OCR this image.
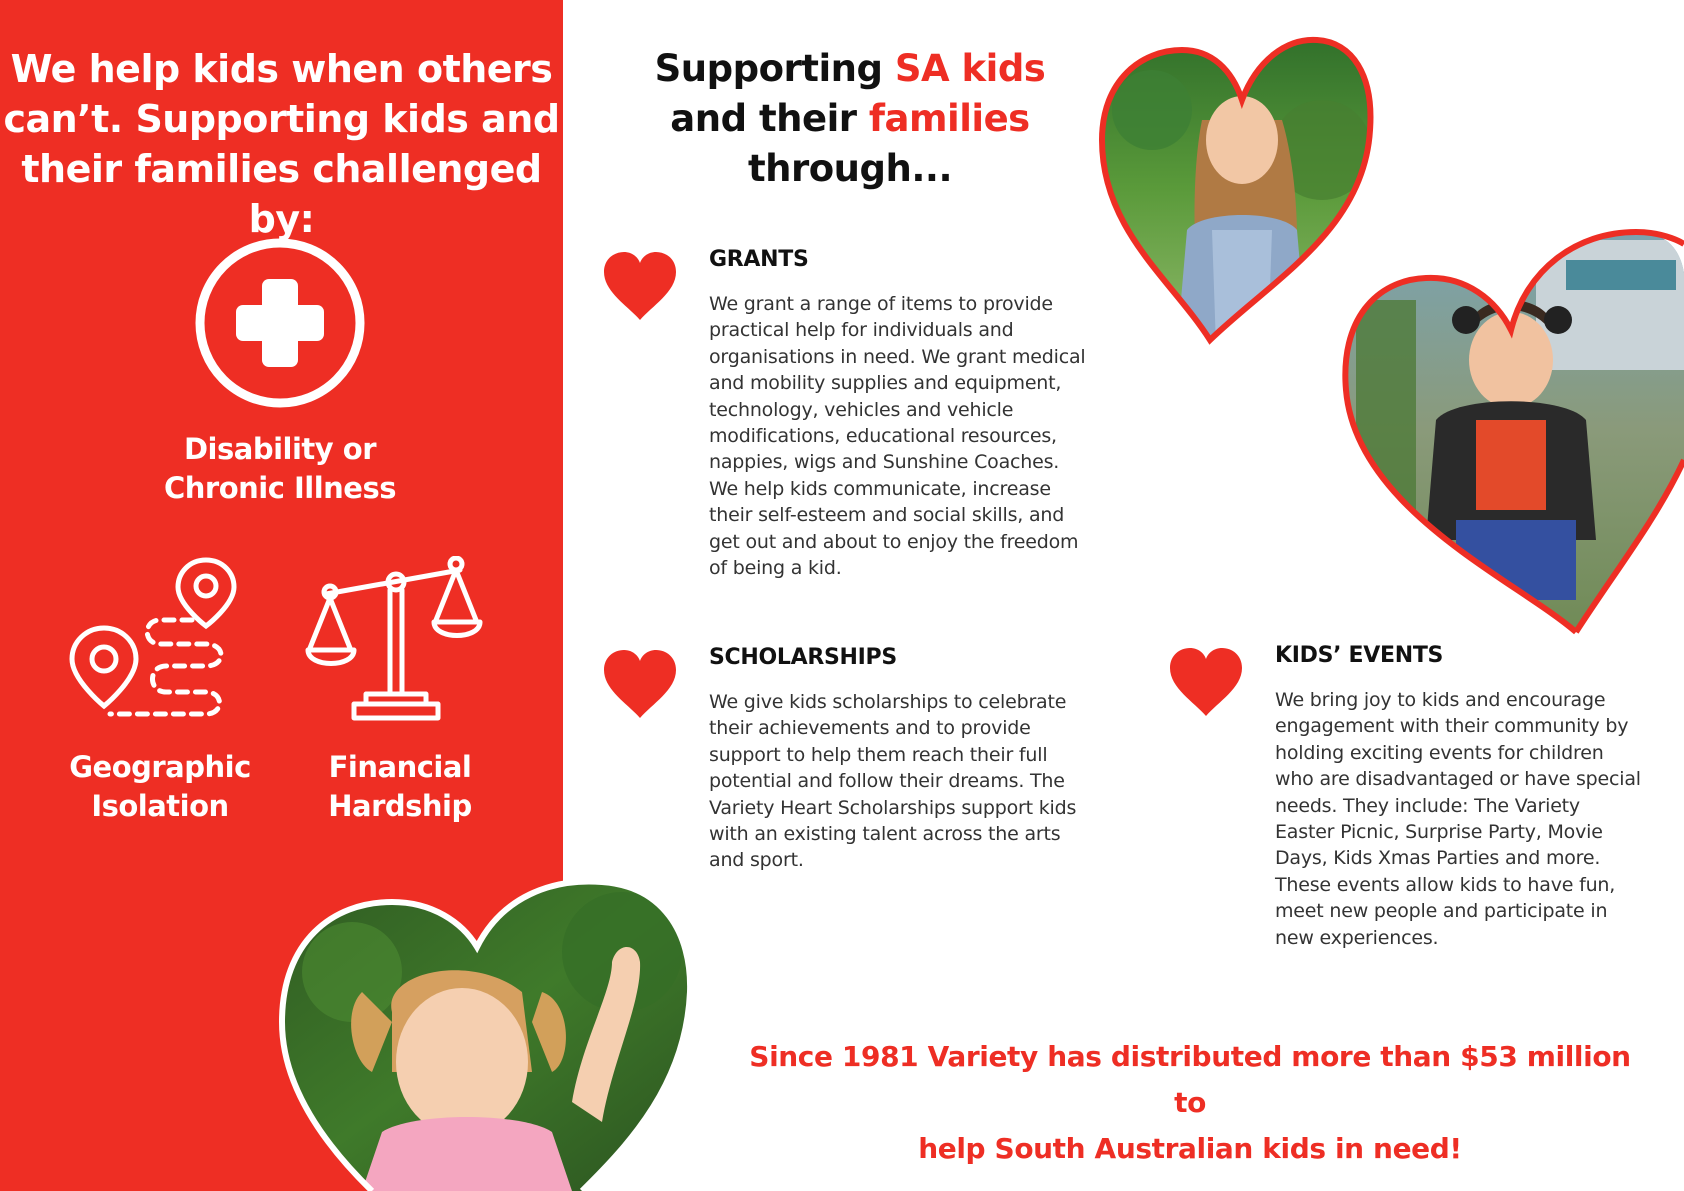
We help kids when others
can’t. Supporting kids and
their families challenged by:
Disability or
Chronic Illness
Geographic
Isolation
Financial
Hardship
Supporting SA kids
and their families
through...
GRANTS
We grant a range of items to provide
practical help for individuals and
organisations in need. We grant medical
and mobility supplies and equipment,
technology, vehicles and vehicle
modifications, educational resources,
nappies, wigs and Sunshine Coaches.
We help kids communicate, increase
their self-esteem and social skills, and
get out and about to enjoy the freedom
of being a kid.
SCHOLARSHIPS
We give kids scholarships to celebrate
their achievements and to provide
support to help them reach their full
potential and follow their dreams. The
Variety Heart Scholarships support kids
with an existing talent across the arts
and sport.
KIDS’ EVENTS
We bring joy to kids and encourage
engagement with their community by
holding exciting events for children
who are disadvantaged or have special
needs. They include: The Variety
Easter Picnic, Surprise Party, Movie
Days, Kids Xmas Parties and more.
These events allow kids to have fun,
meet new people and participate in
new experiences.
Since 1981 Variety has distributed more than $53 million to
help South Australian kids in need!
